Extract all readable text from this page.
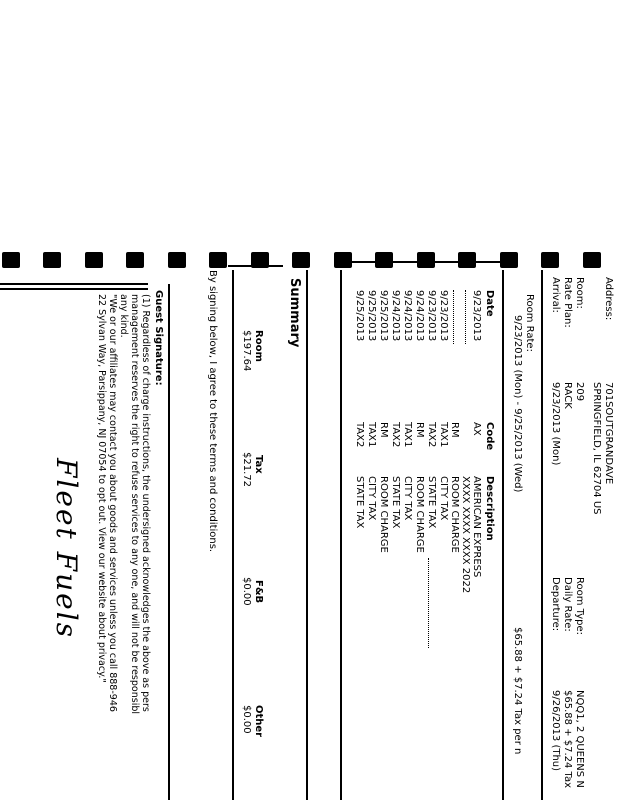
Address:
701SOUTGRANDAVE
SPRINGFIELD, IL 62704 US
Room:
209
Room Type:
NQQ1, 2 QUEENS N
Rate Plan:
RACK
Daily Rate:
$65.88 + $7.24 Tax
Arrival:
9/23/2013 (Mon)
Departure:
9/26/2013 (Thu)
Room Rate:
9/23/2013 (Mon) - 9/25/2013 (Wed)
$65.88 + $7.24 Tax per n
Date
Code
Description
9/23/2013
AX
AMERICAN EXPRESS
XXXX XXXX XXXX 2022
RM
ROOM CHARGE
9/23/2013
TAX1
CITY TAX
9/23/2013
TAX2
STATE TAX
9/24/2013
RM
ROOM CHARGE
9/24/2013
TAX1
CITY TAX
9/24/2013
TAX2
STATE TAX
9/25/2013
RM
ROOM CHARGE
9/25/2013
TAX1
CITY TAX
9/25/2013
TAX2
STATE TAX
By signing below, I agree to these terms and conditions.	Summary
Room
$197.64
Tax
$21.72
F&B
$0.00
Other
$0.00
Guest Signature:
(1) Regardless of charge instructions, the undersigned acknowledges the above as pers
management reserves the right to refuse services to any one, and will not be responsibl
any kind.
"We or our affiliates may contact you about goods and services unless you call 888-946
22 Sylvan Way, Parsippany, NJ 07054 to opt out. View our website about privacy."
Fleet Fuels
